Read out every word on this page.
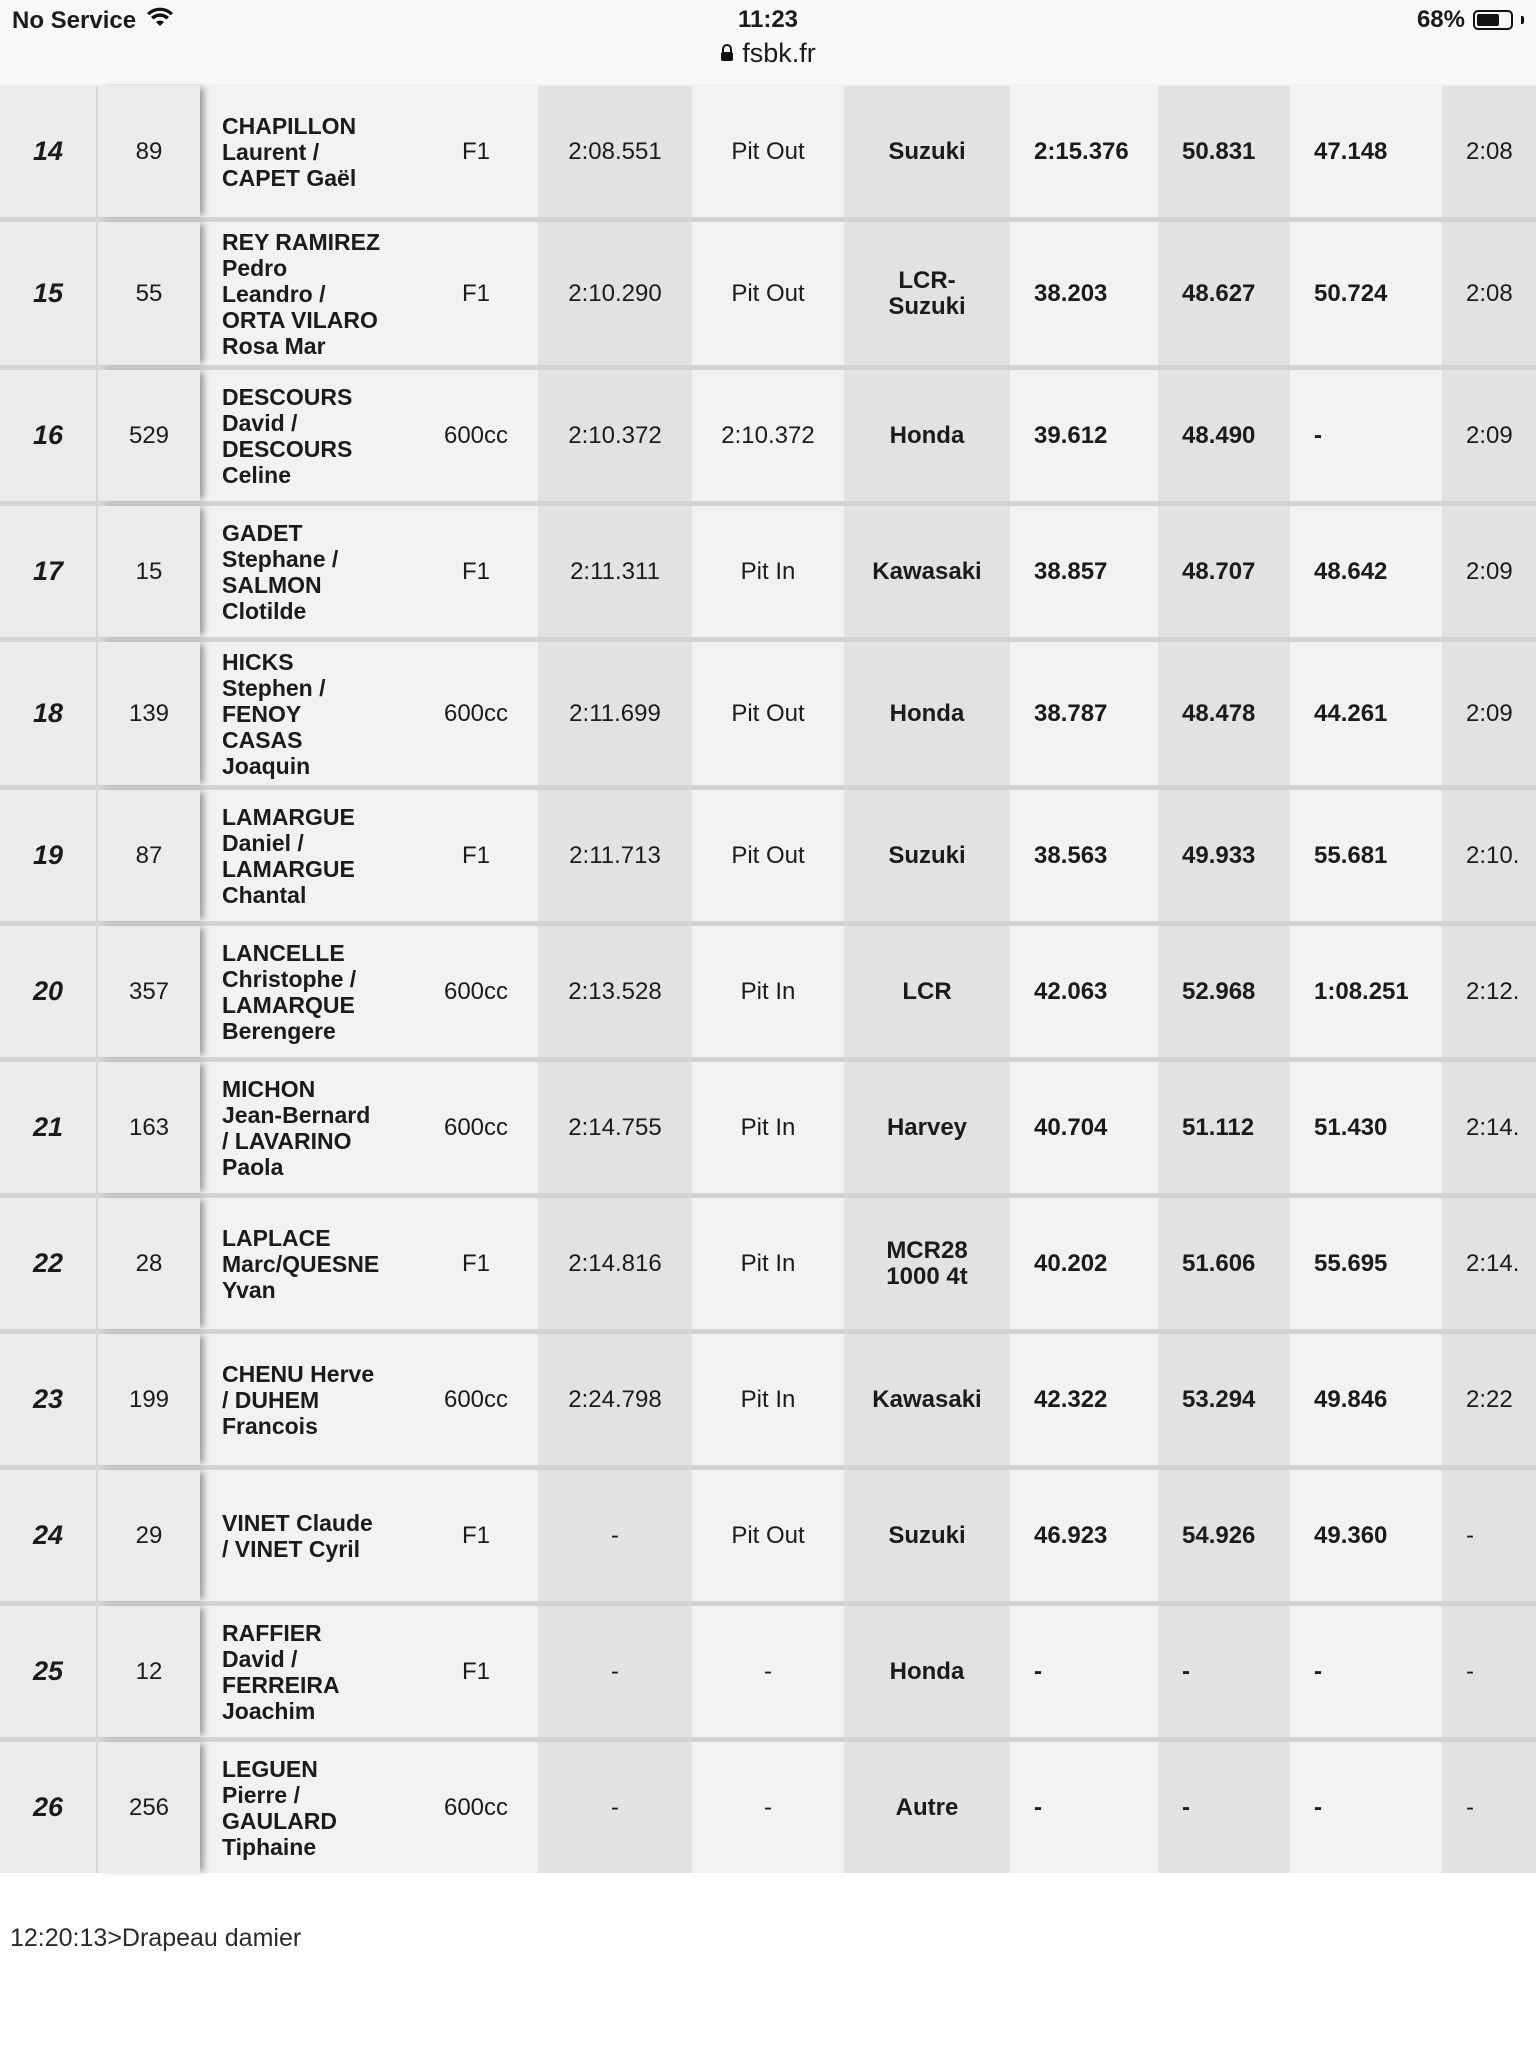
No Service	11:23
fsbk.fr
68%
14	89
CHAPILLON
Laurent /
CAPET Gaël
F1	2:08.551	Pit Out	Suzuki	2:15.376	50.831	47.148	2:08
15	55
REY RAMIREZ
Pedro
Leandro /
ORTA VILARO
Rosa Mar
F1	2:10.290	Pit Out	LCR-
Suzuki	38.203	48.627	50.724	2:08
16	529
DESCOURS
David /
DESCOURS
Celine
600cc	2:10.372	2:10.372	Honda	39.612	48.490	-	2:09
17	15
GADET
Stephane /
SALMON
Clotilde
F1	2:11.311	Pit In	Kawasaki	38.857	48.707	48.642	2:09
18	139
HICKS
Stephen /
FENOY
CASAS
Joaquin
600cc	2:11.699	Pit Out	Honda	38.787	48.478	44.261	2:09
19	87
LAMARGUE
Daniel /
LAMARGUE
Chantal
F1	2:11.713	Pit Out	Suzuki	38.563	49.933	55.681	2:10.
20	357
LANCELLE
Christophe /
LAMARQUE
Berengere
600cc	2:13.528	Pit In	LCR	42.063	52.968	1:08.251	2:12.
21	163
MICHON
Jean-Bernard
/ LAVARINO
Paola
600cc	2:14.755	Pit In	Harvey	40.704	51.112	51.430	2:14.
22	28
LAPLACE
Marc/QUESNE
Yvan
F1	2:14.816	Pit In	MCR28
1000 4t	40.202	51.606	55.695	2:14.
23	199
CHENU Herve
/ DUHEM
Francois
600cc	2:24.798	Pit In	Kawasaki	42.322	53.294	49.846	2:22
24	29	VINET Claude
/ VINET Cyril	F1	-	Pit Out	Suzuki	46.923	54.926	49.360	-
25	12
RAFFIER
David /
FERREIRA
Joachim
F1	-	-	Honda	-	-	-	-
26	256
LEGUEN
Pierre /
GAULARD
Tiphaine
600cc	-	-	Autre	-	-	-	-
12:20:13>Drapeau damier
